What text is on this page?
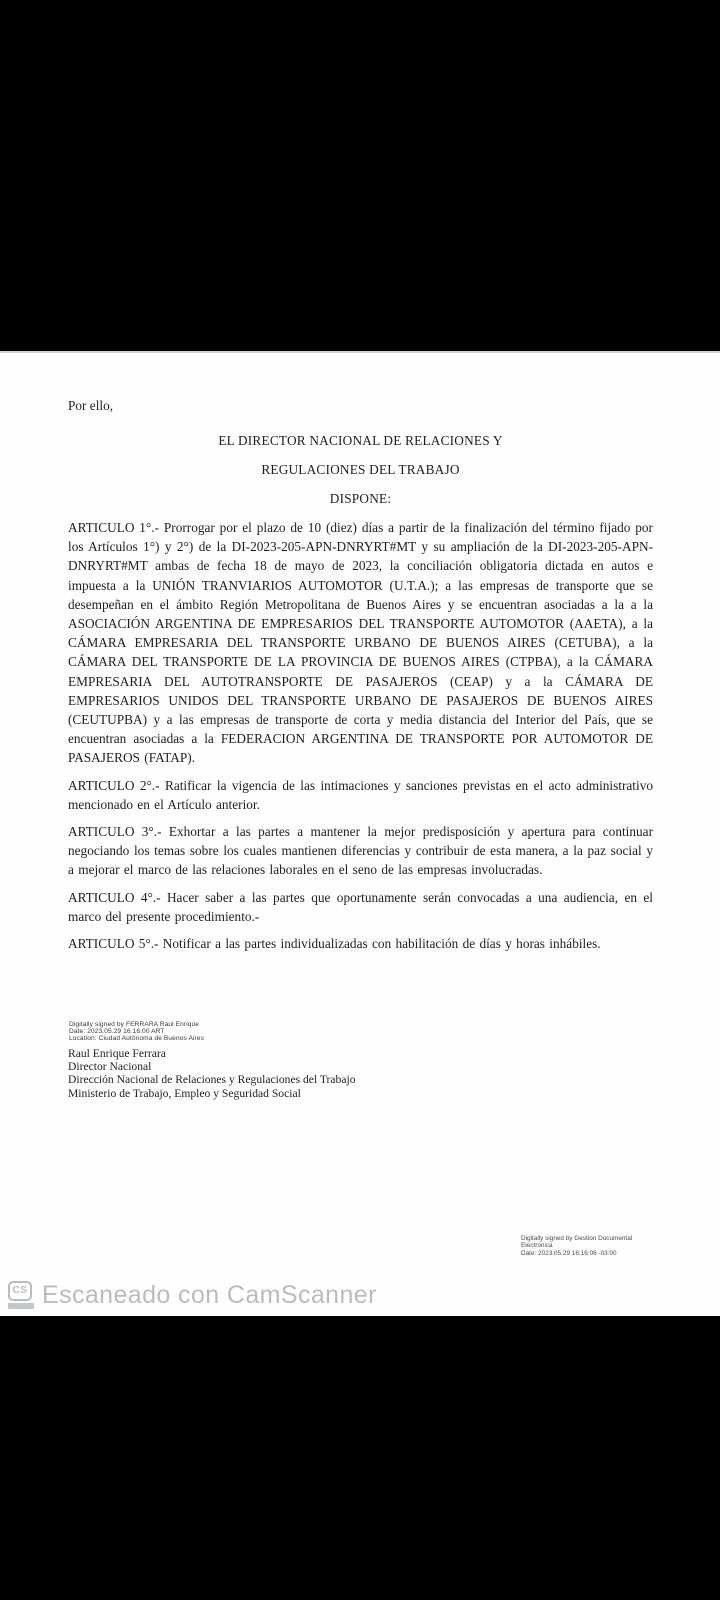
Por ello,

EL DIRECTOR NACIONAL DE RELACIONES Y

REGULACIONES DEL TRABAJO

DISPONE:

ARTICULO 1°.- Prorrogar por el plazo de 10 (diez) días a partir de la finalización del término fijado por los Artículos 1°) y 2°) de la DI-2023-205-APN-DNRYRT#MT y su ampliación de la DI-2023-205-APN-DNRYRT#MT ambas de fecha 18 de mayo de 2023, la conciliación obligatoria dictada en autos e impuesta a la UNIÓN TRANVIARIOS AUTOMOTOR (U.T.A.); a las empresas de transporte que se desempeñan en el ámbito Región Metropolitana de Buenos Aires y se encuentran asociadas a la a la ASOCIACIÓN ARGENTINA DE EMPRESARIOS DEL TRANSPORTE AUTOMOTOR (AAETA), a la CÁMARA EMPRESARIA DEL TRANSPORTE URBANO DE BUENOS AIRES (CETUBA), a la CÁMARA DEL TRANSPORTE DE LA PROVINCIA DE BUENOS AIRES (CTPBA), a la CÁMARA EMPRESARIA DEL AUTOTRANSPORTE DE PASAJEROS (CEAP) y a la CÁMARA DE EMPRESARIOS UNIDOS DEL TRANSPORTE URBANO DE PASAJEROS DE BUENOS AIRES (CEUTUPBA) y a las empresas de transporte de corta y media distancia del Interior del País, que se encuentran asociadas a la FEDERACION ARGENTINA DE TRANSPORTE POR AUTOMOTOR DE PASAJEROS (FATAP).

ARTICULO 2°.- Ratificar la vigencia de las intimaciones y sanciones previstas en el acto administrativo mencionado en el Artículo anterior.

ARTICULO 3°.- Exhortar a las partes a mantener la mejor predisposición y apertura para continuar negociando los temas sobre los cuales mantienen diferencias y contribuir de esta manera, a la paz social y a mejorar el marco de las relaciones laborales en el seno de las empresas involucradas.

ARTICULO 4°.- Hacer saber a las partes que oportunamente serán convocadas a una audiencia, en el marco del presente procedimiento.-

ARTICULO 5°.- Notificar a las partes individualizadas con habilitación de días y horas inhábiles.

Digitally signed by FERRARA Raul Enrique
Date: 2023.05.29 16:16:00 ART
Location: Ciudad Autónoma de Buenos Aires
Raul Enrique Ferrara
Director Nacional
Dirección Nacional de Relaciones y Regulaciones del Trabajo
Ministerio de Trabajo, Empleo y Seguridad Social
Digitally signed by Gestion Documental
Electronica
Date: 2023.05.29 16:16:06 -03:00
CS Escaneado con CamScanner
